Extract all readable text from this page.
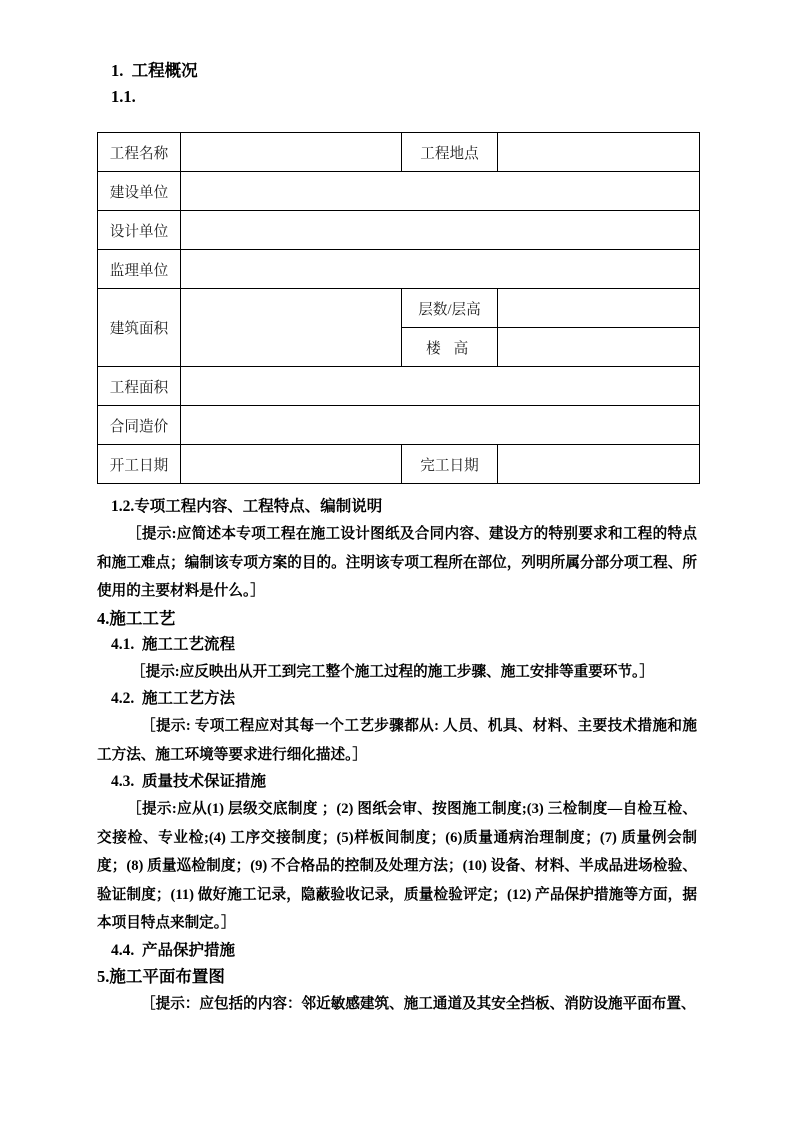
1.  工程概况
1.1.
工程名称		工程地点	
建设单位			
设计单位			
监理单位			
建筑面积		层数/层高	
		楼 高	
工程面积			
合同造价			
开工日期		完工日期	
1.2.专项工程内容、工程特点、编制说明

［提示:应简述本专项工程在施工设计图纸及合同内容、建设方的特别要求和工程的特点和施工难点；编制该专项方案的目的。注明该专项工程所在部位，列明所属分部分项工程、所使用的主要材料是什么。］

4.施工工艺
4.1.  施工工艺流程

［提示:应反映出从开工到完工整个施工过程的施工步骤、施工安排等重要环节。］

4.2.  施工工艺方法

［提示: 专项工程应对其每一个工艺步骤都从: 人员、机具、材料、主要技术措施和施工方法、施工环境等要求进行细化描述。］

4.3.  质量技术保证措施

［提示:应从(1) 层级交底制度 ；(2) 图纸会审、按图施工制度;(3) 三检制度—自检互检、交接检、专业检;(4) 工序交接制度；(5)样板间制度；(6)质量通病治理制度；(7) 质量例会制度；(8) 质量巡检制度；(9) 不合格品的控制及处理方法；(10) 设备、材料、半成品进场检验、验证制度；(11) 做好施工记录，隐蔽验收记录，质量检验评定；(12) 产品保护措施等方面，据本项目特点来制定。］

4.4.  产品保护措施
5.施工平面布置图

［提示：应包括的内容：邻近敏感建筑、施工通道及其安全挡板、消防设施平面布置、
